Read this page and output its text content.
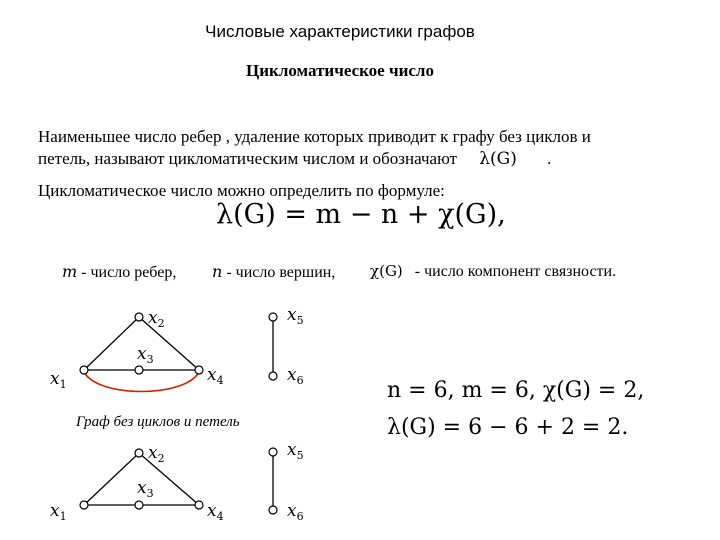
Числовые характеристики графов
Цикломатическое число
Наименьшее число ребер , удаление которых приводит к графу без циклов и
петель, называют цикломатическим числом и обозначают λ(G) .
Цикломатическое число можно определить по формуле:
λ(G) = m − n + χ(G),
m - число ребер, n - число вершин, χ(G) - число компонент связности.
$x_1$
$x_2$
$x_3$
$x_4$
$x_5$
$x_6$
$x_1$
$x_2$
$x_3$
$x_4$
$x_5$
$x_6$
Граф без циклов и петель
n = 6, m = 6, χ(G) = 2,
λ(G) = 6 − 6 + 2 = 2.
